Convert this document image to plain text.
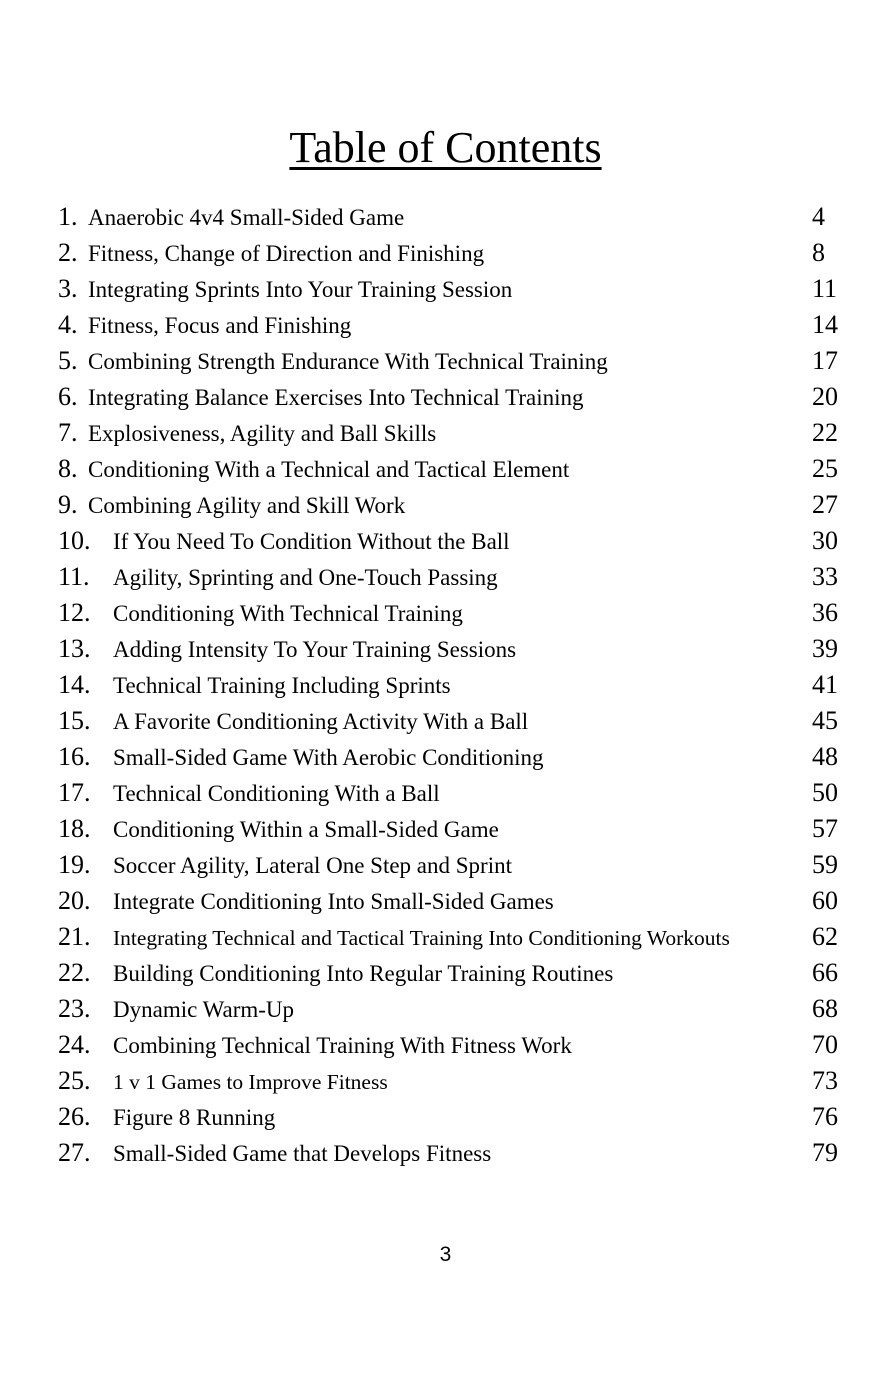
Table of Contents
1. Anaerobic 4v4 Small-Sided Game	4
2. Fitness, Change of Direction and Finishing	8
3. Integrating Sprints Into Your Training Session	11
4. Fitness, Focus and Finishing	14
5. Combining Strength Endurance With Technical Training	17
6. Integrating Balance Exercises Into Technical Training	20
7. Explosiveness, Agility and Ball Skills	22
8. Conditioning With a Technical and Tactical Element	25
9. Combining Agility and Skill Work	27
10. If You Need To Condition Without the Ball	30
11.	Agility, Sprinting and One-Touch Passing	33
12. Conditioning With Technical Training	36
13. Adding Intensity To Your Training Sessions	39
14. Technical Training Including Sprints	41
15. A Favorite Conditioning Activity With a Ball	45
16. Small-Sided Game With Aerobic Conditioning	48
17. Technical Conditioning With a Ball	50
18. Conditioning Within a Small-Sided Game	57
19. Soccer Agility, Lateral One Step and Sprint	59
20. Integrate Conditioning Into Small-Sided Games	60
21.	Integrating Technical and Tactical Training Into Conditioning Workouts	62
22. Building Conditioning Into Regular Training Routines	66
23. Dynamic Warm-Up	68
24. Combining Technical Training With Fitness Work	70
25.	1 v 1 Games to Improve Fitness	73
26. Figure 8 Running	76
27. Small-Sided Game that Develops Fitness	79
3
